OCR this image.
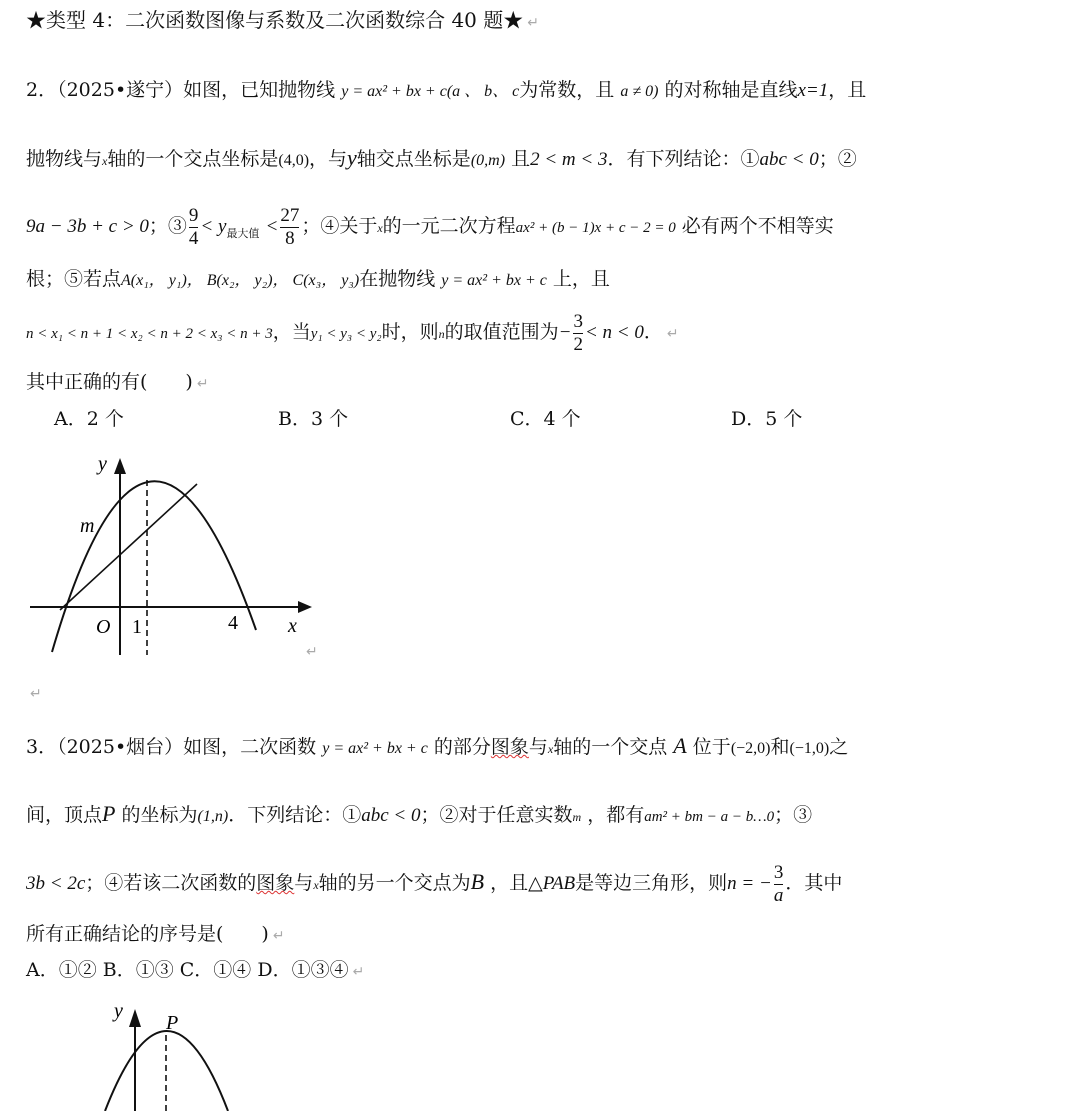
★类型 4：二次函数图像与系数及二次函数综合 40 题★ ↵
2．（2025•遂宁）如图，已知抛物线 y = ax² + bx + c(a 、 b、 c为常数，且 a ≠ 0) 的对称轴是直线x=1，且
抛物线与x轴的一个交点坐标是(4,0)，与y轴交点坐标是(0,m) 且2 < m < 3．有下列结论：①abc < 0；②
9a − 3b + c > 0；③ $\frac{9}{4} < y_{最大值} < \frac{27}{8}$ ；④关于x的一元二次方程ax² + (b − 1)x + c − 2 = 0 必有两个不相等实
根；⑤若点A(x₁， y₁)， B(x₂， y₂)， C(x₃， y₃)在抛物线 y = ax² + bx + c 上，且
n < x₁ < n + 1 < x₂ < n + 2 < x₃ < n + 3，当y₁ < y₃ < y₂时，则n的取值范围为− $\frac{3}{2} < n < 0$． ↵
其中正确的有(　　) ↵
A．2 个	B．3 个	C．4 个	D．5 个
y
m
O 1	4	x
↵
↵
3．（2025•烟台）如图，二次函数 y = ax² + bx + c 的部分图象与x轴的一个交点 A 位于(−2,0)和(−1,0)之
间，顶点P 的坐标为(1,n)．下列结论：①abc < 0；②对于任意实数m ，都有am² + bm − a − b…0；③
3b < 2c；④若该二次函数的图象与x轴的另一个交点为B ，且△PAB是等边三角形，则n = − $\frac{3}{a}$ ．其中
所有正确结论的序号是(　　) ↵
A．①② B．①③ C．①④ D．①③④ ↵
y
P
